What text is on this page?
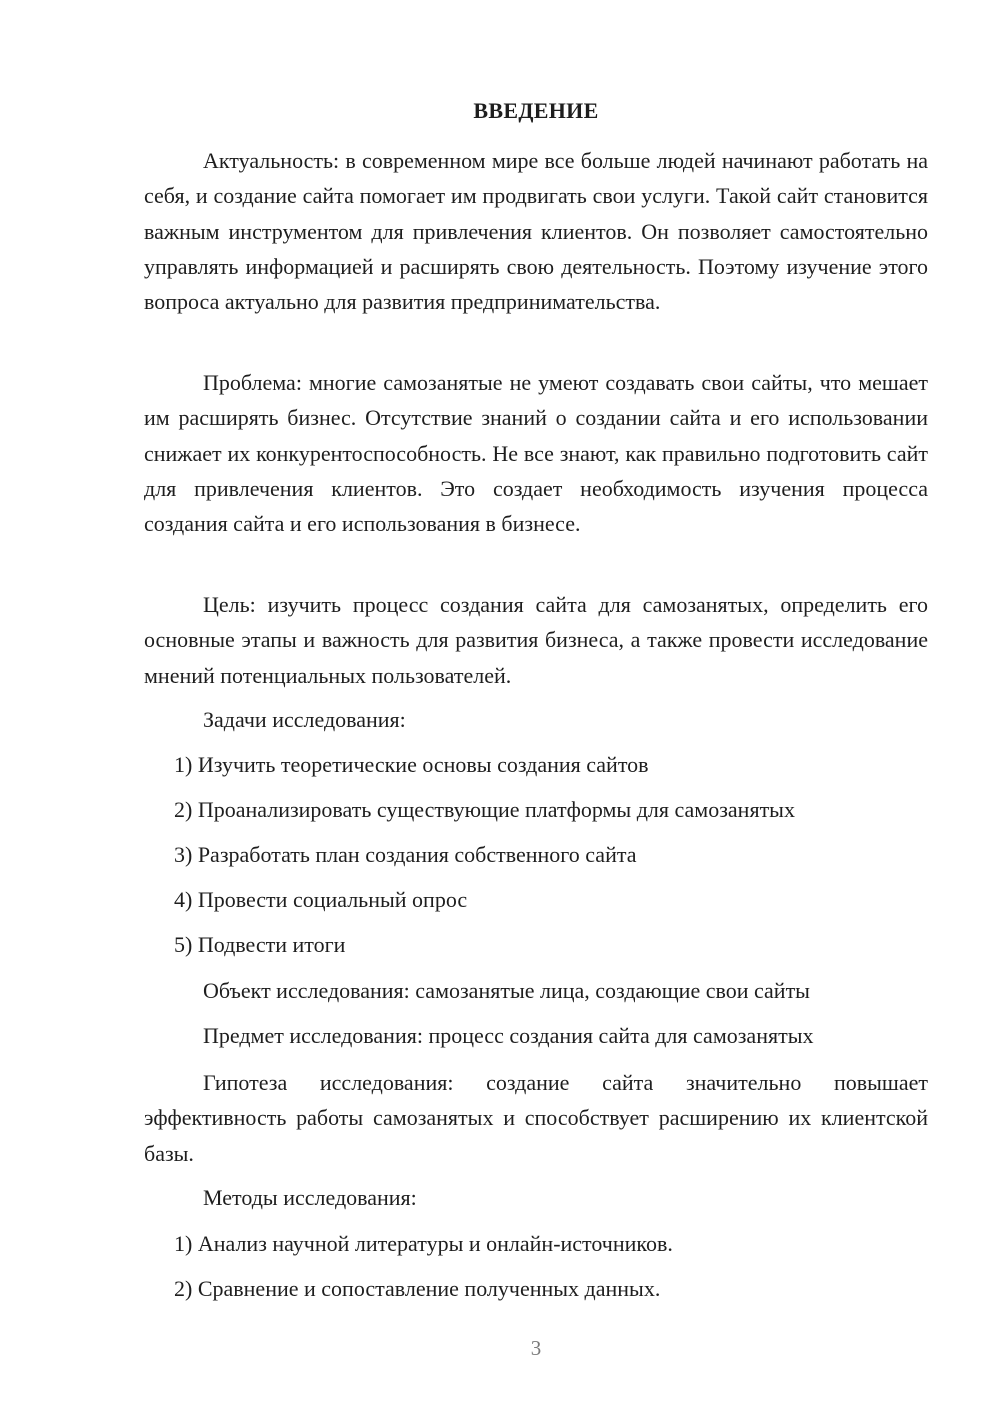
ВВЕДЕНИЕ

Актуальность: в современном мире все больше людей начинают работать на себя, и создание сайта помогает им продвигать свои услуги. Такой сайт становится важным инструментом для привлечения клиентов. Он позволяет самостоятельно управлять информацией и расширять свою деятельность. Поэтому изучение этого вопроса актуально для развития предпринимательства.

Проблема: многие самозанятые не умеют создавать свои сайты, что мешает им расширять бизнес. Отсутствие знаний о создании сайта и его использовании снижает их конкурентоспособность. Не все знают, как правильно подготовить сайт для привлечения клиентов. Это создает необходимость изучения процесса создания сайта и его использования в бизнесе.

Цель: изучить процесс создания сайта для самозанятых, определить его основные этапы и важность для развития бизнеса, а также провести исследование мнений потенциальных пользователей.

Задачи исследования:

1) Изучить теоретические основы создания сайтов

2) Проанализировать существующие платформы для самозанятых

3) Разработать план создания собственного сайта

4) Провести социальный опрос

5) Подвести итоги

Объект исследования: самозанятые лица, создающие свои сайты

Предмет исследования: процесс создания сайта для самозанятых

Гипотеза исследования: создание сайта значительно повышает эффективность работы самозанятых и способствует расширению их клиентской базы.

Методы исследования:

1) Анализ научной литературы и онлайн-источников.

2) Сравнение и сопоставление полученных данных.

3
